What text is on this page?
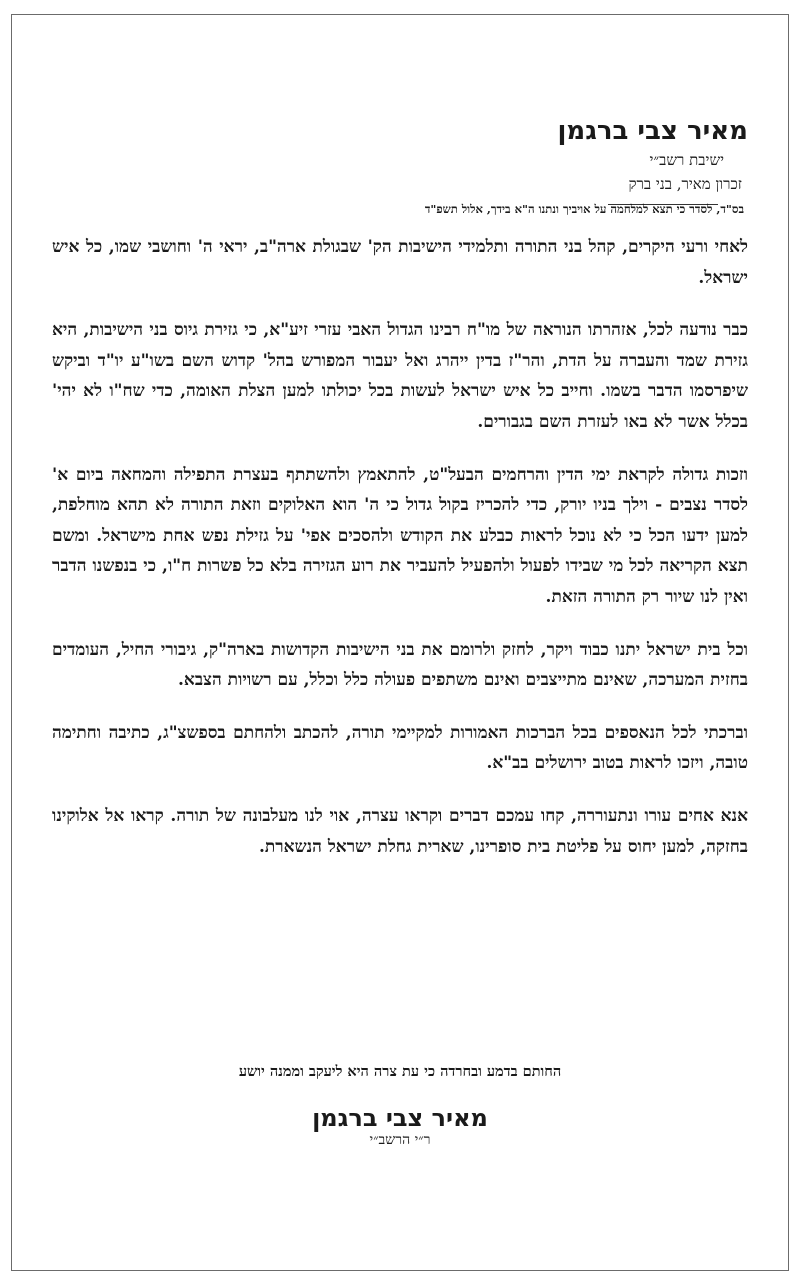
מאיר צבי ברגמן
ישיבת רשב״י
זכרון מאיר, בני ברק
בס"ד, לסדר כי תצא למלחמה על אויביך ונתנו ה"א בידך, אלול תשפ"ד

לאחי ורעי היקרים, קהל בני התורה ותלמידי הישיבות הק' שבגולת ארה"ב, יראי ה' וחושבי שמו, כל איש ישראל.

כבר נודעה לכל, אזהרתו הנוראה של מו"ח רבינו הגדול האבי עזרי זיע"א, כי גזירת גיוס בני הישיבות, היא גזירת שמד והעברה על הדת, והר"ז בדין ייהרג ואל יעבור המפורש בהל' קדוש השם בשו"ע יו"ד וביקש שיפרסמו הדבר בשמו. וחייב כל איש ישראל לעשות בכל יכולתו למען הצלת האומה, כדי שח"ו לא יהי' בכלל אשר לא באו לעזרת השם בגבורים.

וזכות גדולה לקראת ימי הדין והרחמים הבעל"ט, להתאמץ ולהשתתף בעצרת התפילה והמחאה ביום א' לסדר נצבים - וילך בניו יורק, כדי להכריז בקול גדול כי ה' הוא האלוקים וזאת התורה לא תהא מוחלפת, למען ידעו הכל כי לא נוכל לראות כבלע את הקודש ולהסכים אפי' על גזילת נפש אחת מישראל. ומשם תצא הקריאה לכל מי שבידו לפעול ולהפעיל להעביר את רוע הגזירה בלא כל פשרות ח"ו, כי בנפשנו הדבר ואין לנו שיור רק התורה הזאת.

וכל בית ישראל יתנו כבוד ויקר, לחזק ולרומם את בני הישיבות הקדושות בארה"ק, גיבורי החיל, העומדים בחזית המערכה, שאינם מתייצבים ואינם משתפים פעולה כלל וכלל, עם רשויות הצבא.

וברכתי לכל הנאספים בכל הברכות האמורות למקיימי תורה, להכתב ולהחתם בספשצ"ג, כתיבה וחתימה טובה, ויזכו לראות בטוב ירושלים בב"א.

אנא אחים עורו ונתעוררה, קחו עמכם דברים וקראו עצרה, אוי לנו מעלבונה של תורה. קראו אל אלוקינו בחזקה, למען יחוס על פליטת בית סופרינו, שארית גחלת ישראל הנשארת.

החותם בדמע ובחרדה כי עת צרה היא ליעקב וממנה יושע
מאיר צבי ברגמן
ר״י הרשב״י
